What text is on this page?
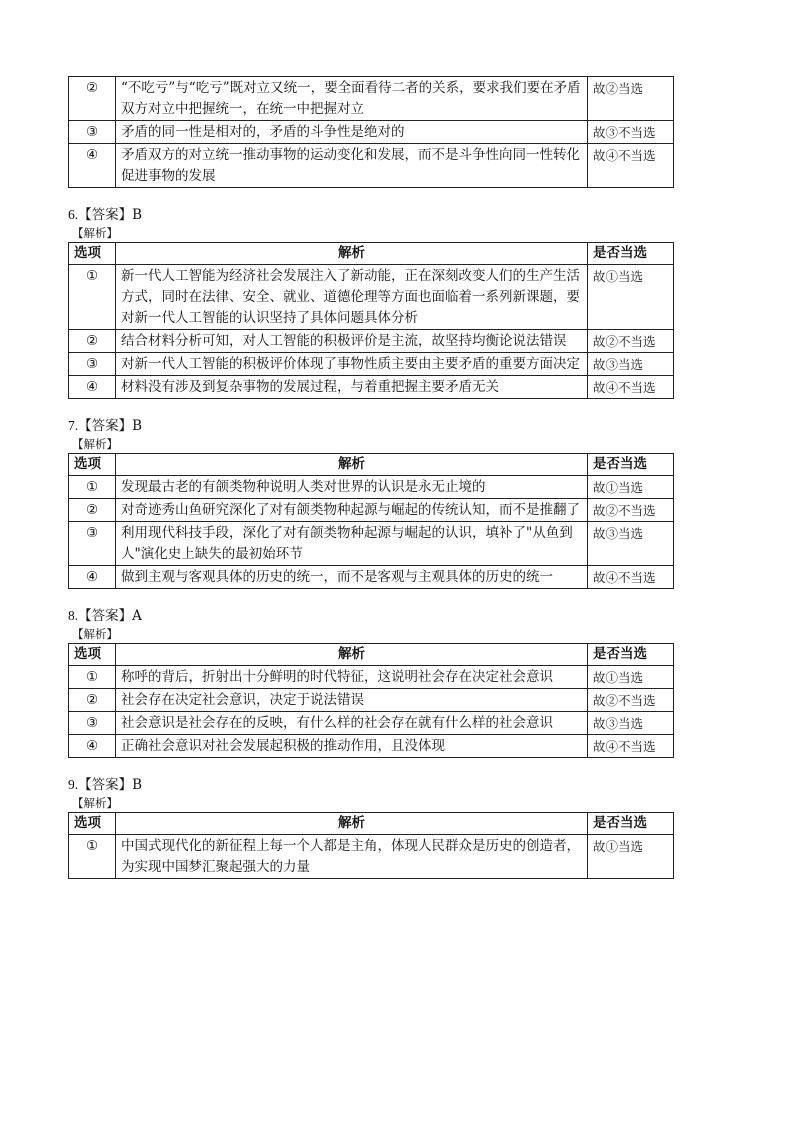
②	“不吃亏”与“吃亏”既对立又统一，要全面看待二者的关系，要求我们要在矛盾双方对立中把握统一，在统一中把握对立	故②当选
③	矛盾的同一性是相对的，矛盾的斗争性是绝对的	故③不当选
④	矛盾双方的对立统一推动事物的运动变化和发展，而不是斗争性向同一性转化促进事物的发展	故④不当选
6.【答案】B
【解析】
选项	解析	是否当选
①	新一代人工智能为经济社会发展注入了新动能，正在深刻改变人们的生产生活方式，同时在法律、安全、就业、道德伦理等方面也面临着一系列新课题，要对新一代人工智能的认识坚持了具体问题具体分析	故①当选
②	结合材料分析可知，对人工智能的积极评价是主流，故坚持均衡论说法错误	故②不当选
③	对新一代人工智能的积极评价体现了事物性质主要由主要矛盾的重要方面决定	故③当选
④	材料没有涉及到复杂事物的发展过程，与着重把握主要矛盾无关	故④不当选
7.【答案】B
【解析】
选项	解析	是否当选
①	发现最古老的有颌类物种说明人类对世界的认识是永无止境的	故①当选
②	对奇迹秀山鱼研究深化了对有颌类物种起源与崛起的传统认知，而不是推翻了	故②不当选
③	利用现代科技手段，深化了对有颌类物种起源与崛起的认识，填补了"从鱼到人"演化史上缺失的最初始环节	故③当选
④	做到主观与客观具体的历史的统一，而不是客观与主观具体的历史的统一	故④不当选
8.【答案】A
【解析】
选项	解析	是否当选
①	称呼的背后，折射出十分鲜明的时代特征，这说明社会存在决定社会意识	故①当选
②	社会存在决定社会意识，决定于说法错误	故②不当选
③	社会意识是社会存在的反映，有什么样的社会存在就有什么样的社会意识	故③当选
④	正确社会意识对社会发展起积极的推动作用，且没体现	故④不当选
9.【答案】B
【解析】
选项	解析	是否当选
①	中国式现代化的新征程上每一个人都是主角，体现人民群众是历史的创造者，为实现中国梦汇聚起强大的力量	故①当选
